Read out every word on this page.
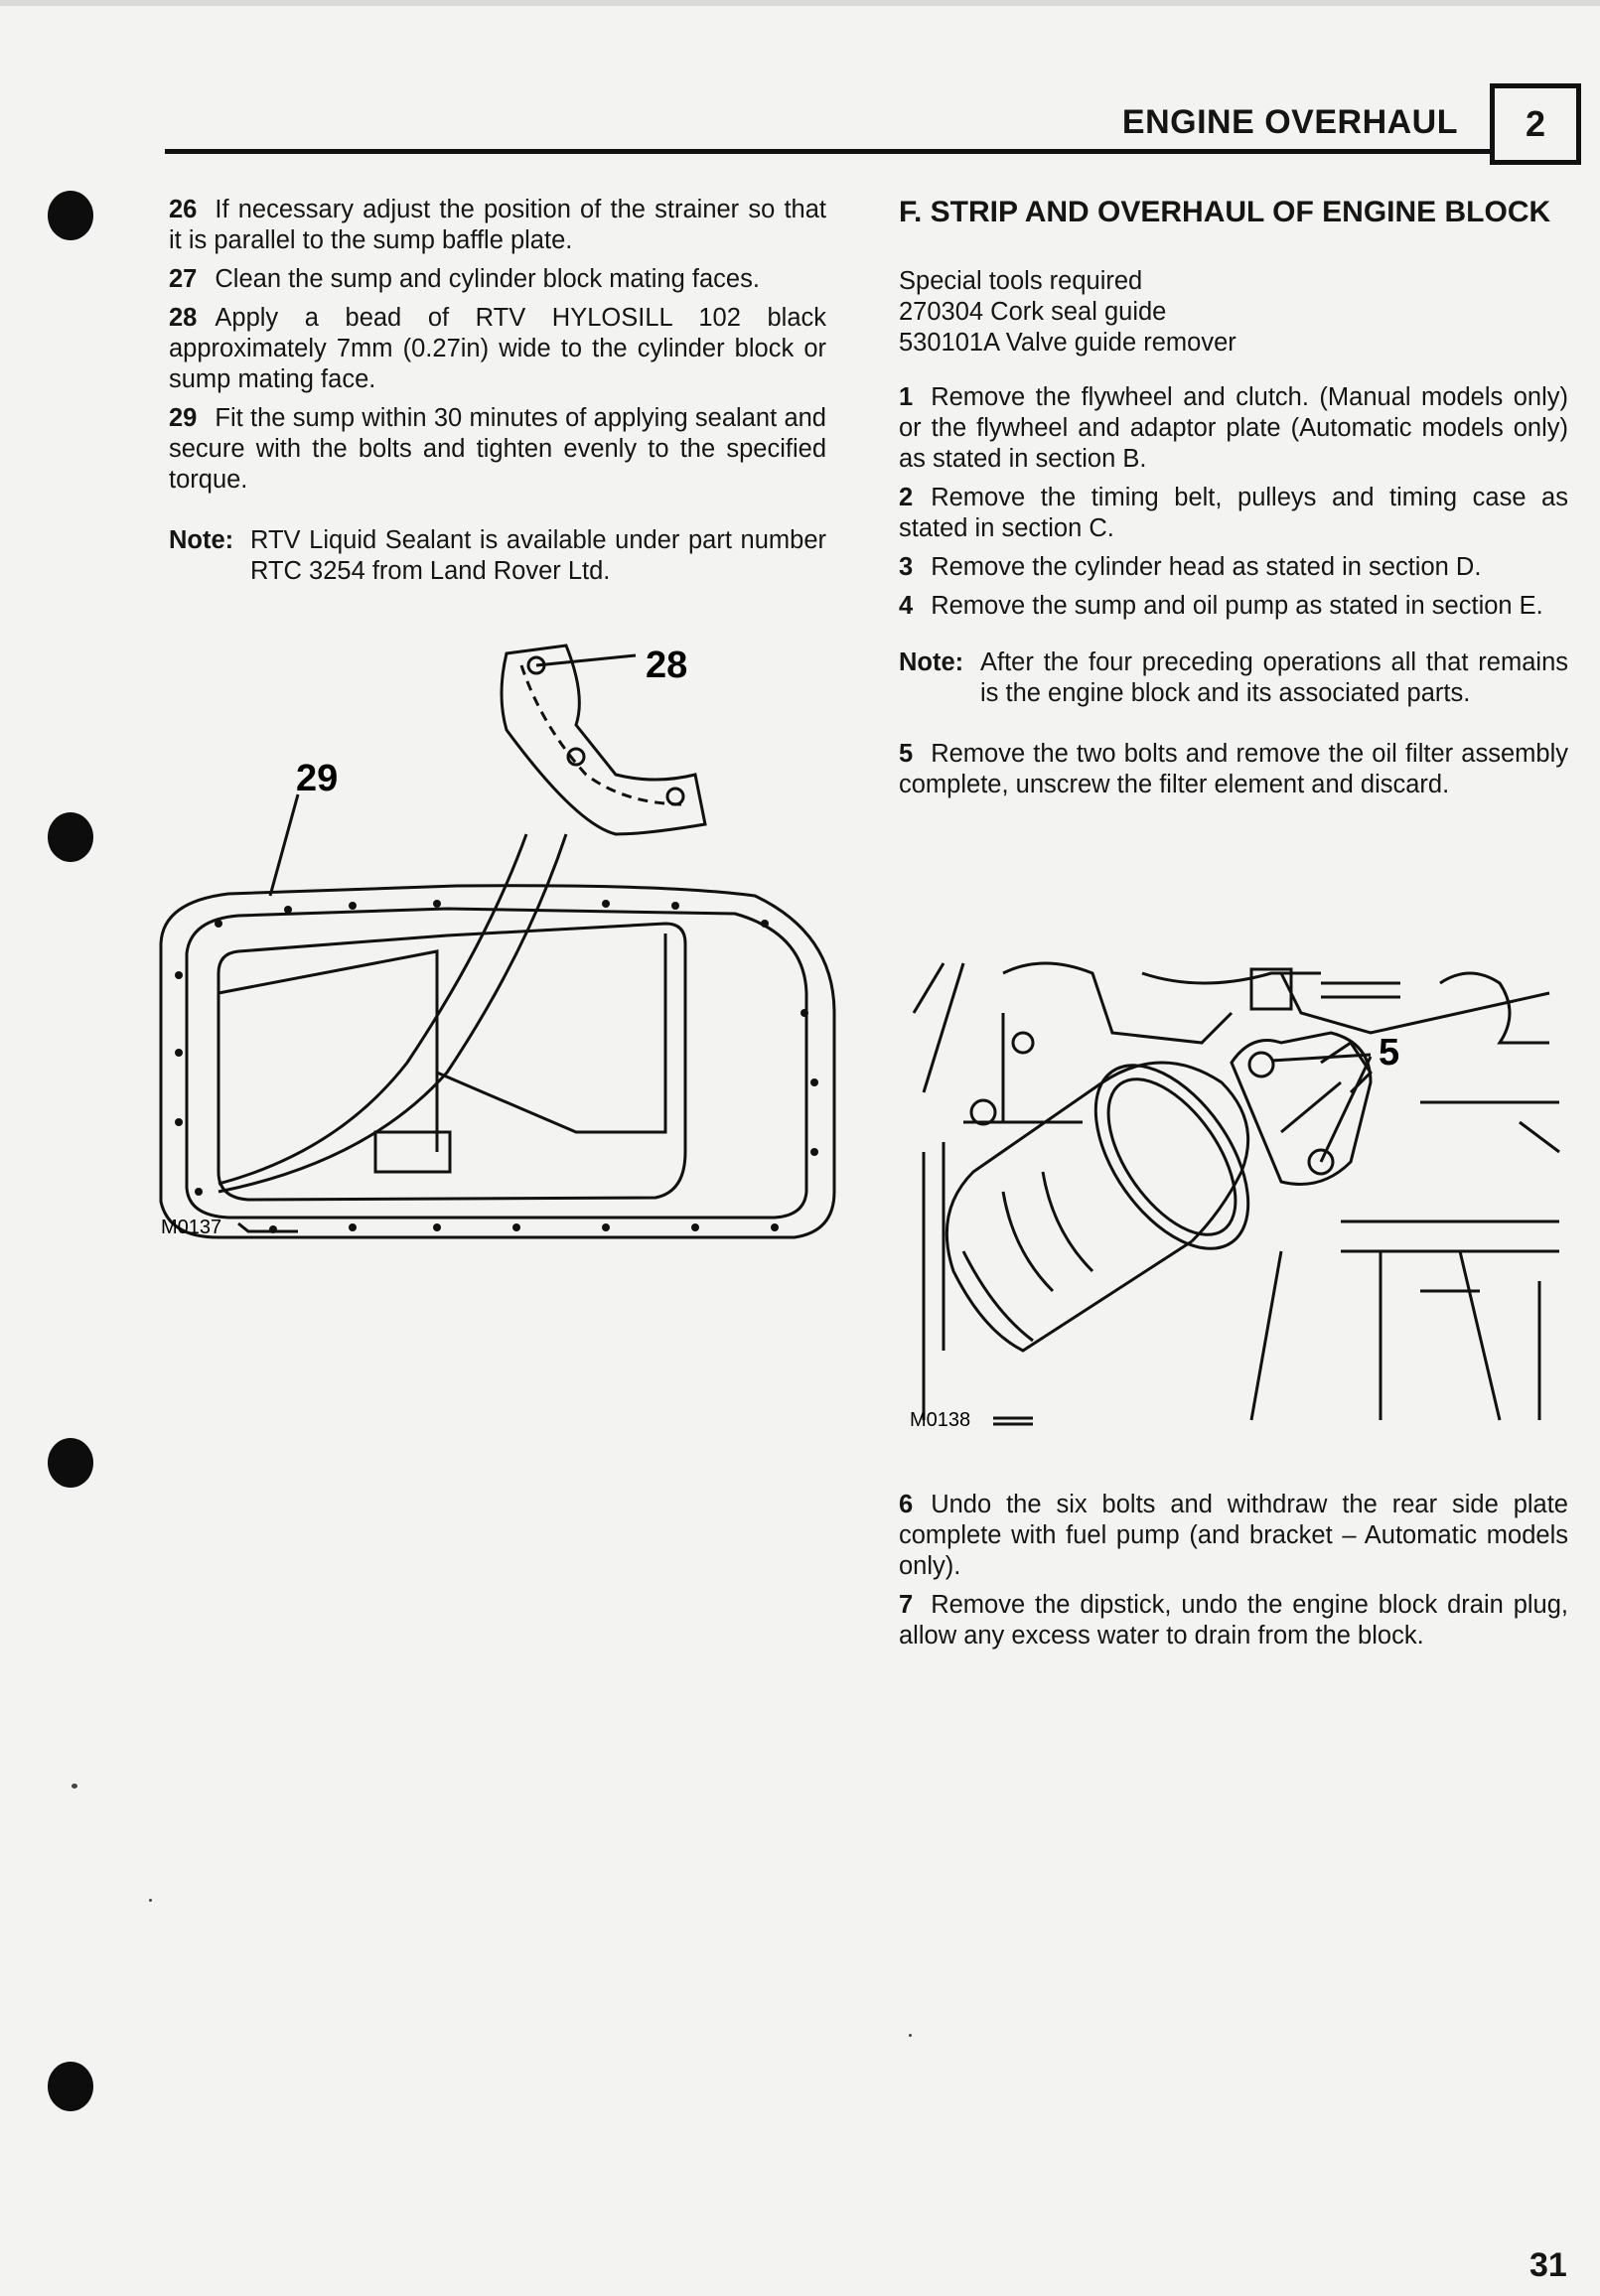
ENGINE OVERHAUL	2

26 If necessary adjust the position of the strainer so that it is parallel to the sump baffle plate.

27 Clean the sump and cylinder block mating faces.

28 Apply a bead of RTV HYLOSILL 102 black approximately 7mm (0.27in) wide to the cylinder block or sump mating face.

29 Fit the sump within 30 minutes of applying sealant and secure with the bolts and tighten evenly to the specified torque.

Note: RTV Liquid Sealant is available under part number RTC 3254 from Land Rover Ltd.
28
29
M0137
F. STRIP AND OVERHAUL OF ENGINE BLOCK
Special tools required
270304 Cork seal guide
530101A Valve guide remover

1 Remove the flywheel and clutch. (Manual models only) or the flywheel and adaptor plate (Automatic models only) as stated in section B.

2 Remove the timing belt, pulleys and timing case as stated in section C.

3 Remove the cylinder head as stated in section D.

4 Remove the sump and oil pump as stated in section E.

Note: After the four preceding operations all that remains is the engine block and its associated parts.

5 Remove the two bolts and remove the oil filter assembly complete, unscrew the filter element and discard.

5
M0138

6 Undo the six bolts and withdraw the rear side plate complete with fuel pump (and bracket – Automatic models only).

7 Remove the dipstick, undo the engine block drain plug, allow any excess water to drain from the block.

31
